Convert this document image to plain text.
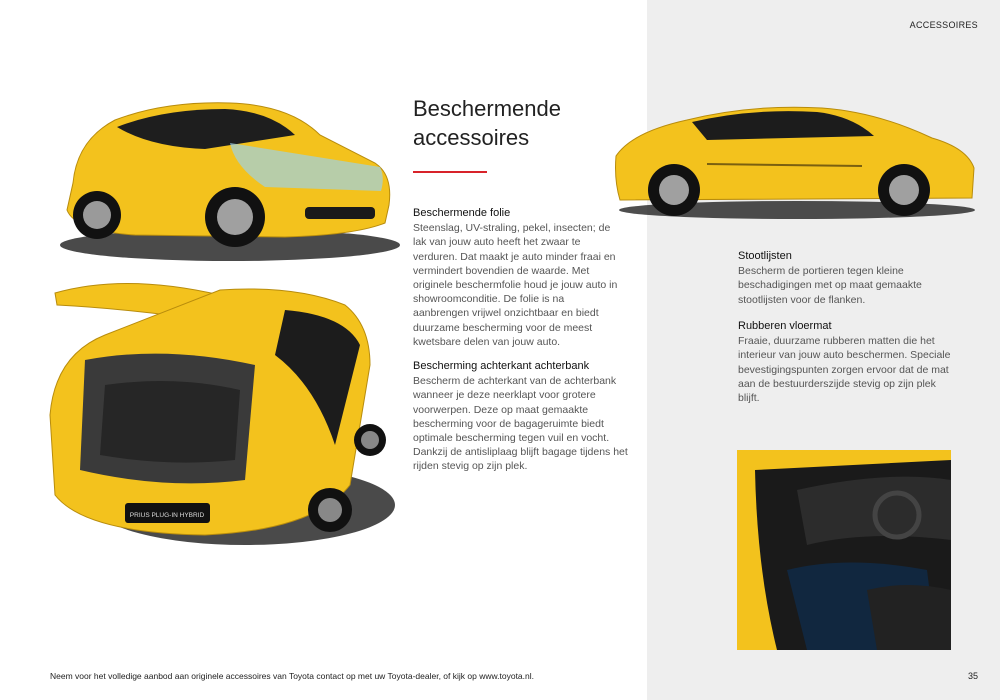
ACCESSOIRES
PRIUS PLUG-IN HYBRID
Beschermende accessoires
Beschermende folie

Steenslag, UV-straling, pekel, insecten; de lak van jouw auto heeft het zwaar te verduren. Dat maakt je auto minder fraai en vermindert bovendien de waarde. Met originele beschermfolie houd je jouw auto in showroomconditie. De folie is na aanbrengen vrijwel onzichtbaar en biedt duurzame bescherming voor de meest kwetsbare delen van jouw auto.

Bescherming achterkant achterbank

Bescherm de achterkant van de achterbank wanneer je deze neerklapt voor grotere voorwerpen. Deze op maat gemaakte bescherming voor de bagageruimte biedt optimale bescherming tegen vuil en vocht. Dankzij de antisliplaag blijft bagage tijdens het rijden stevig op zijn plek.

Stootlijsten

Bescherm de portieren tegen kleine beschadigingen met op maat gemaakte stootlijsten voor de flanken.

Rubberen vloermat

Fraaie, duurzame rubberen matten die het interieur van jouw auto beschermen. Speciale bevestigingspunten zorgen ervoor dat de mat aan de bestuurderszijde stevig op zijn plek blijft.

Neem voor het volledige aanbod aan originele accessoires van Toyota contact op met uw Toyota-dealer, of kijk op www.toyota.nl.	35
